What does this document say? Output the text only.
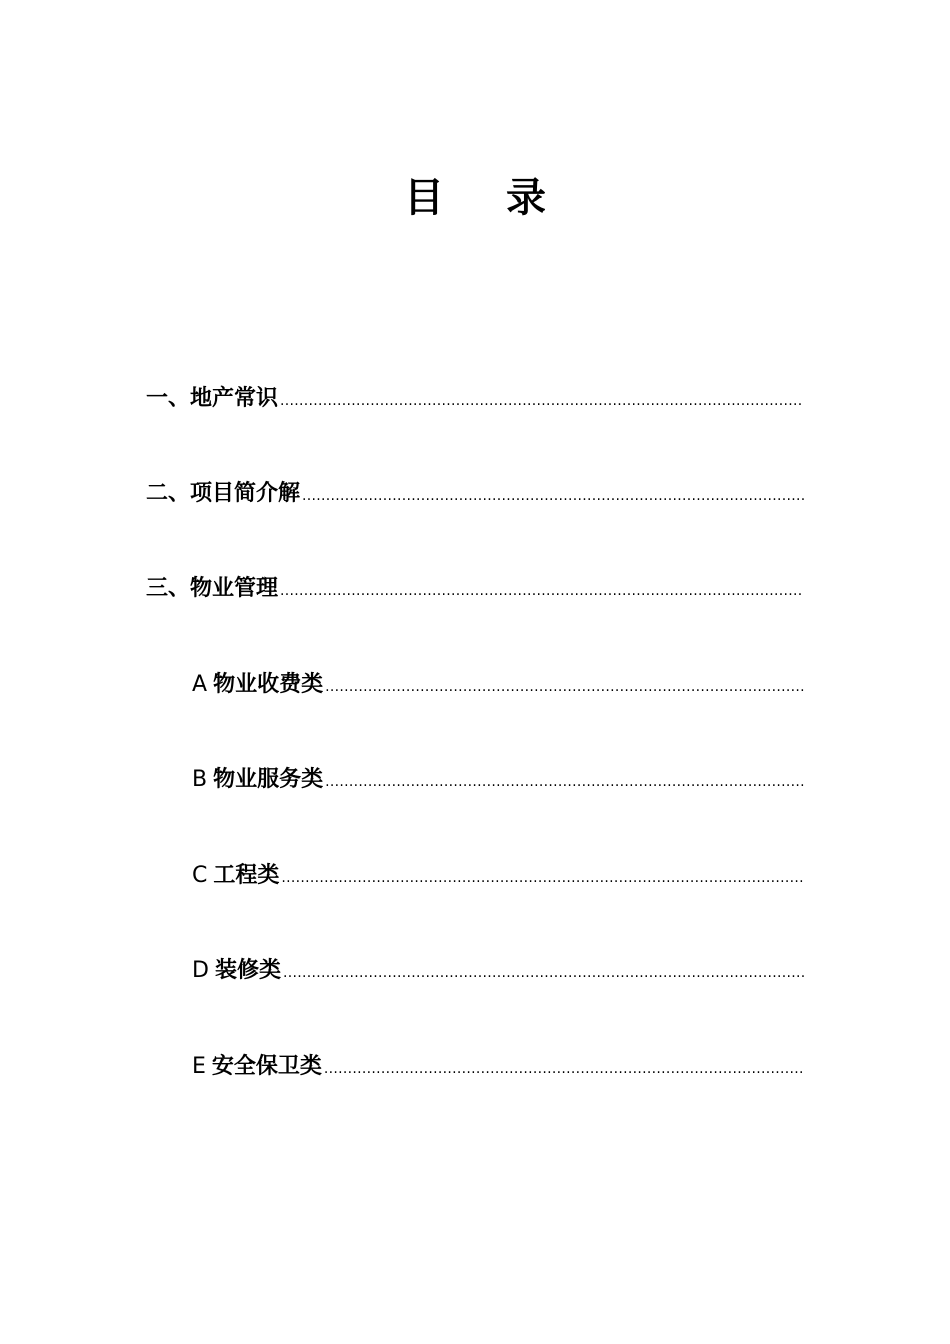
目 录
一、 地产常识
.....
二、 项目简介解
.....
三、 物业管理
.....
A 物业收费类
.....
B 物业服务类
.....
C 工程类
.....
D 装修类
.....
E 安全保卫类
.....
